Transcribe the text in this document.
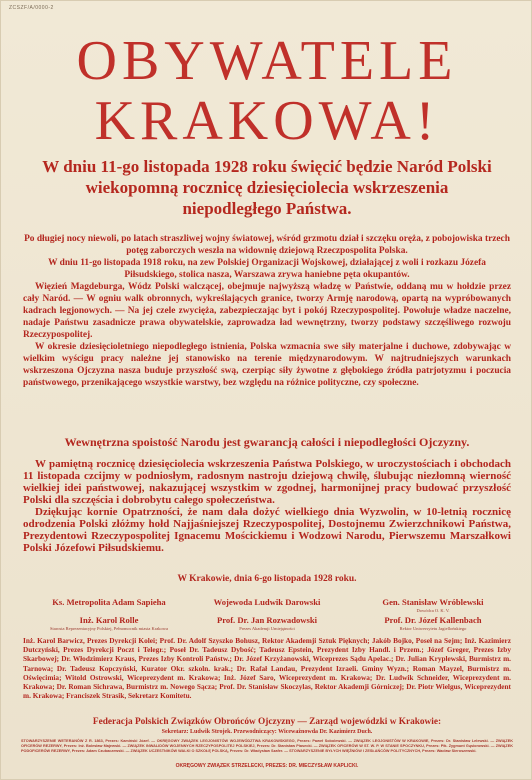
ZCSZF/A/0000-2
OBYWATELE
KRAKOWA!
W dniu 11-go listopada 1928 roku święcić będzie Naród Polski wiekopomną rocznicę dziesięciolecia wskrzeszenia niepodległego Państwa.

Po długiej nocy niewoli, po latach straszliwej wojny światowej, wśród grzmotu dział i szczęku oręża, z pobojowiska trzech potęg zaborczych weszła na widownię dziejową Rzeczpospolita Polska.

W dniu 11-go listopada 1918 roku, na zew Polskiej Organizacji Wojskowej, działającej z woli i rozkazu Józefa Piłsudskiego, stolica nasza, Warszawa zrywa haniebne pęta okupantów.

Więzień Magdeburga, Wódz Polski walczącej, obejmuje najwyższą władzę w Państwie, oddaną mu w hołdzie przez cały Naród. — W ogniu walk obronnych, wykreślających granice, tworzy Armję narodową, opartą na wypróbowanych kadrach legjonowych. — Na jej czele zwycięża, zabezpieczając byt i pokój Rzeczypospolitej. Powołuje władze naczelne, nadaje Państwu zasadnicze prawa obywatelskie, zaprowadza ład wewnętrzny, tworzy podstawy szczęśliwego rozwoju Rzeczypospolitej.

W okresie dziesięcioletniego niepodległego istnienia, Polska wzmacnia swe siły materjalne i duchowe, zdobywając w wielkim wyścigu pracy należne jej stanowisko na terenie międzynarodowym. W najtrudniejszych warunkach wskrzeszona Ojczyzna nasza buduje przyszłość swą, czerpiąc siły żywotne z głębokiego źródła patrjotyzmu i poczucia państwowego, przenikającego wszystkie warstwy, bez względu na różnice polityczne, czy społeczne.

Wewnętrzna spoistość Narodu jest gwarancją całości i niepodległości Ojczyzny.

W pamiętną rocznicę dziesięciolecia wskrzeszenia Państwa Polskiego, w uroczystościach i obchodach 11 listopada czcijmy w podniosłym, radosnym nastroju dziejową chwilę, ślubując niezłomną wierność wielkiej idei państwowej, nakazującej wszystkim w zgodnej, harmonijnej pracy budować przyszłość Polski dla szczęścia i dobrobytu całego społeczeństwa.

Dziękując kornie Opatrzności, że nam dała dożyć wielkiego dnia Wyzwolin, w 10-letnią rocznicę odrodzenia Polski złóżmy hołd Najjaśniejszej Rzeczypospolitej, Dostojnemu Zwierzchnikowi Państwa, Prezydentowi Rzeczypospolitej Ignacemu Mościckiemu i Wodzowi Narodu, Pierwszemu Marszałkowi Polski Józefowi Piłsudskiemu.

W Krakowie, dnia 6-go listopada 1928 roku.
Ks. Metropolita Adam Sapieha	Wojewoda Ludwik Darowski	Gen. Stanisław Wróblewski
Dowódca O. K. V.
Inż. Karol Rolle
Starosta Reprezentacyjny Polskiej, Pełnomocnik miasta Krakowa
Prof. Dr. Jan Rozwadowski
Prezes Akademji Umiejętności
Prof. Dr. Józef Kallenbach
Rektor Uniwersytetu Jagiellońskiego
Inż. Karol Barwicz, Prezes Dyrekcji Kolei; Prof. Dr. Adolf Szyszko Bohusz, Rektor Akademji Sztuk Pięknych; Jakób Bojko, Poseł na Sejm; Inż. Kazimierz Dutczyński, Prezes Dyrekcji Poczt i Telegr.; Poseł Dr. Tadeusz Dybość; Tadeusz Epstein, Prezydent Izby Handl. i Przem.; Józef Greger, Prezes Izby Skarbowej; Dr. Włodzimierz Kraus, Prezes Izby Kontroli Państw.; Dr. Józef Krzyżanowski, Wiceprezes Sądu Apelac.; Dr. Julian Kryplewski, Burmistrz m. Tarnowa; Dr. Tadeusz Kopczyński, Kurator Okr. szkoln. krak.; Dr. Rafał Landau, Prezydent Izraeli. Gminy Wyzn.; Roman Mayzel, Burmistrz m. Oświęcimia; Witold Ostrowski, Wiceprezydent m. Krakowa; Inż. Józef Saro, Wiceprezydent m. Krakowa; Dr. Ludwik Schneider, Wiceprezydent m. Krakowa; Dr. Roman Sichrawa, Burmistrz m. Nowego Sącza; Prof. Dr. Stanisław Skoczylas, Rektor Akademji Górniczej; Dr. Piotr Wielgus, Wiceprezydent m. Krakowa; Franciszek Strasik, Sekretarz Komitetu.
Federacja Polskich Związków Obrońców Ojczyzny — Zarząd wojewódzki w Krakowie:
Sekretarz: Ludwik Strojek. Przewodniczący: Wiceważnowda Dr. Kazimierz Duch.
STOWARZYSZENIE WETERANÓW Z R. 1863, Prezes: Kamiński Józef. — OKRĘGOWY ZWIĄZEK LEGJONISTÓW WOJEWÓDZTWA KRAKOWSKIEGO, Prezes: Paweł Sobolewski. — ZWIĄZEK LEGJONISTÓW W KRAKOWIE, Prezes: Dr. Stanisław Lelewski. — ZWIĄZEK OFICERÓW REZERWY, Prezes: Inż. Bolesław Majewski. — ZWIĄZEK INWALIDÓW WOJENNYCH RZECZYPOSPOLITEJ POLSKIEJ, Prezes: Dr. Stanisław Piasecki. — ZWIĄZEK OFICERÓW W ST. W. P. W STANIE SPOCZYNKU, Prezes: Płk. Zygmunt Gąsiorowski. — ZWIĄZEK PODOFICERÓW REZERWY, Prezes: Adam Czubaczewski. — ZWIĄZEK UCZESTNIKÓW WALKI O SZKOŁĘ POLSKĄ, Prezes: Dr. Władysław Szafer. — STOWARZYSZENIE BYŁYCH WIĘŹNIÓW I ZESŁAŃCÓW POLITYCZNYCH, Prezes: Wacław Sieroszewski.
OKRĘGOWY ZWIĄZEK STRZELECKI, PREZES: DR. MIECZYSŁAW KAPLICKI.
